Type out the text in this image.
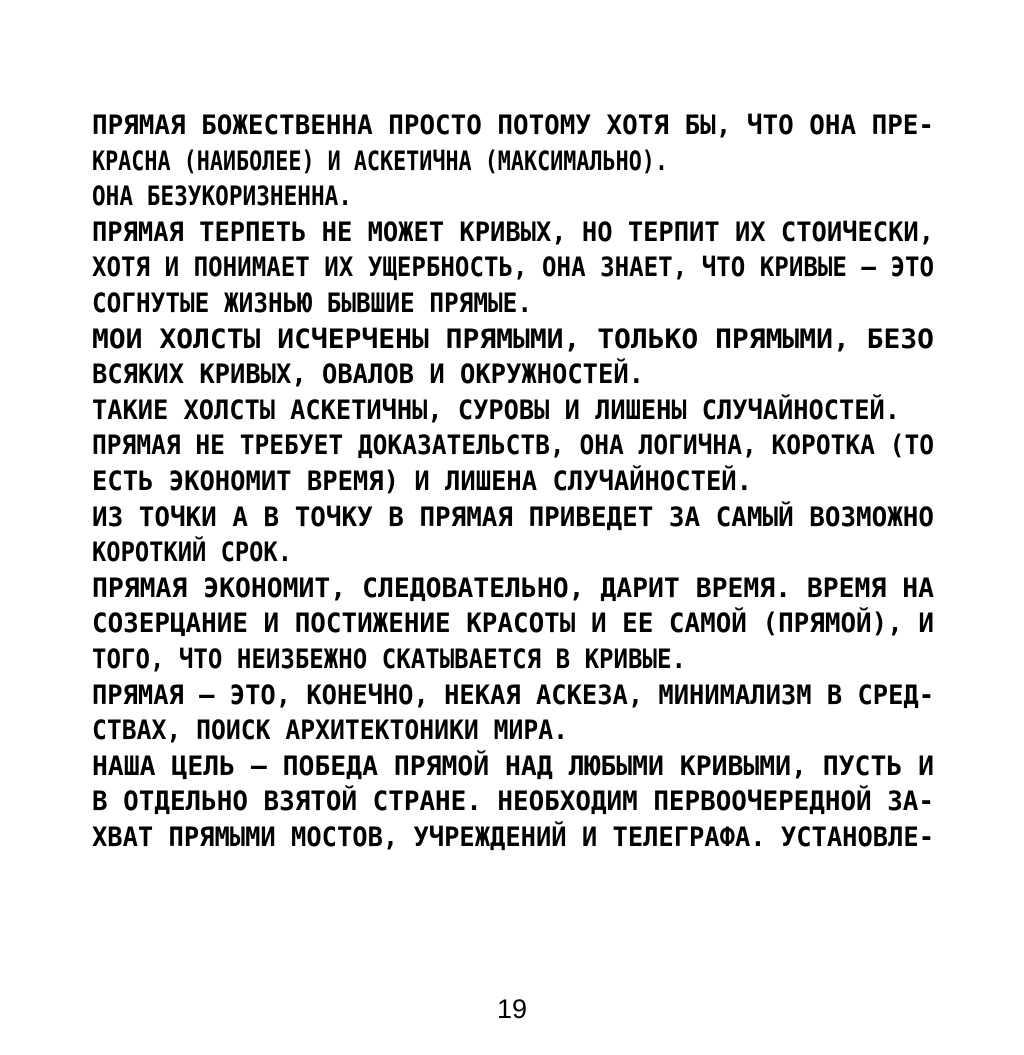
ПРЯМАЯ БОЖЕСТВЕННА ПРОСТО ПОТОМУ ХОТЯ БЫ, ЧТО ОНА ПРЕ-
КРАСНА (НАИБОЛЕЕ) И АСКЕТИЧНА (МАКСИМАЛЬНО).
ОНА БЕЗУКОРИЗНЕННА.
ПРЯМАЯ ТЕРПЕТЬ НЕ МОЖЕТ КРИВЫХ, НО ТЕРПИТ ИХ СТОИЧЕСКИ,
ХОТЯ И ПОНИМАЕТ ИХ УЩЕРБНОСТЬ, ОНА ЗНАЕТ, ЧТО КРИВЫЕ — ЭТО
СОГНУТЫЕ ЖИЗНЬЮ БЫВШИЕ ПРЯМЫЕ.
МОИ ХОЛСТЫ ИСЧЕРЧЕНЫ ПРЯМЫМИ, ТОЛЬКО ПРЯМЫМИ, БЕЗО
ВСЯКИХ КРИВЫХ, ОВАЛОВ И ОКРУЖНОСТЕЙ.
ТАКИЕ ХОЛСТЫ АСКЕТИЧНЫ, СУРОВЫ И ЛИШЕНЫ СЛУЧАЙНОСТЕЙ.
ПРЯМАЯ НЕ ТРЕБУЕТ ДОКАЗАТЕЛЬСТВ, ОНА ЛОГИЧНА, КОРОТКА (ТО
ЕСТЬ ЭКОНОМИТ ВРЕМЯ) И ЛИШЕНА СЛУЧАЙНОСТЕЙ.
ИЗ ТОЧКИ А В ТОЧКУ В ПРЯМАЯ ПРИВЕДЕТ ЗА САМЫЙ ВОЗМОЖНО
КОРОТКИЙ СРОК.
ПРЯМАЯ ЭКОНОМИТ, СЛЕДОВАТЕЛЬНО, ДАРИТ ВРЕМЯ. ВРЕМЯ НА
СОЗЕРЦАНИЕ И ПОСТИЖЕНИЕ КРАСОТЫ И ЕЕ САМОЙ (ПРЯМОЙ), И
ТОГО, ЧТО НЕИЗБЕЖНО СКАТЫВАЕТСЯ В КРИВЫЕ.
ПРЯМАЯ — ЭТО, КОНЕЧНО, НЕКАЯ АСКЕЗА, МИНИМАЛИЗМ В СРЕД-
СТВАХ, ПОИСК АРХИТЕКТОНИКИ МИРА.
НАША ЦЕЛЬ — ПОБЕДА ПРЯМОЙ НАД ЛЮБЫМИ КРИВЫМИ, ПУСТЬ И
В ОТДЕЛЬНО ВЗЯТОЙ СТРАНЕ. НЕОБХОДИМ ПЕРВООЧЕРЕДНОЙ ЗА-
ХВАТ ПРЯМЫМИ МОСТОВ, УЧРЕЖДЕНИЙ И ТЕЛЕГРАФА. УСТАНОВЛЕ-
19
